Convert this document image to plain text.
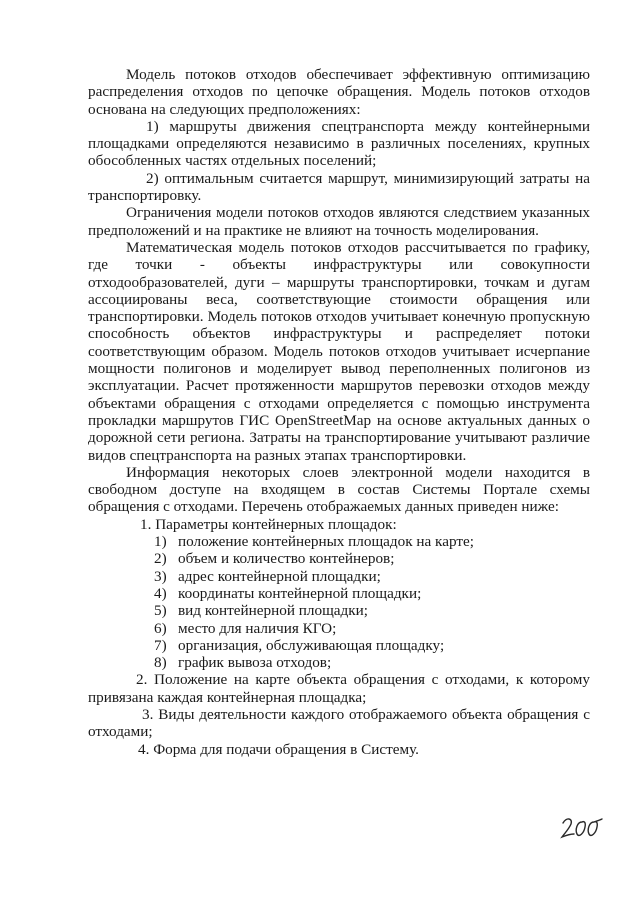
Модель потоков отходов обеспечивает эффективную оптимизацию распределения отходов по цепочке обращения. Модель потоков отходов основана на следующих предположениях:

1) маршруты движения спецтранспорта между контейнерными площадками определяются независимо в различных поселениях, крупных обособленных частях отдельных поселений;

2) оптимальным считается маршрут, минимизирующий затраты на транспортировку.

Ограничения модели потоков отходов являются следствием указанных предположений и на практике не влияют на точность моделирования.

Математическая модель потоков отходов рассчитывается по графику, где точки - объекты инфраструктуры или совокупности отходообразователей, дуги – маршруты транспортировки, точкам и дугам ассоциированы веса, соответствующие стоимости обращения или транспортировки. Модель потоков отходов учитывает конечную пропускную способность объектов инфраструктуры и распределяет потоки соответствующим образом. Модель потоков отходов учитывает исчерпание мощности полигонов и моделирует вывод переполненных полигонов из эксплуатации. Расчет протяженности маршрутов перевозки отходов между объектами обращения с отходами определяется с помощью инструмента прокладки маршрутов ГИС OpenStreetMap на основе актуальных данных о дорожной сети региона. Затраты на транспортирование учитывают различие видов спецтранспорта на разных этапах транспортировки.

Информация некоторых слоев электронной модели находится в свободном доступе на входящем в состав Системы Портале схемы обращения с отходами. Перечень отображаемых данных приведен ниже:

1. Параметры контейнерных площадок:

1) положение контейнерных площадок на карте;
2) объем и количество контейнеров;
3) адрес контейнерной площадки;
4) координаты контейнерной площадки;
5) вид контейнерной площадки;
6) место для наличия КГО;
7) организация, обслуживающая площадку;
8) график вывоза отходов;

2. Положение на карте объекта обращения с отходами, к которому привязана каждая контейнерная площадка;

3. Виды деятельности каждого отображаемого объекта обращения с отходами;

4. Форма для подачи обращения в Систему.
